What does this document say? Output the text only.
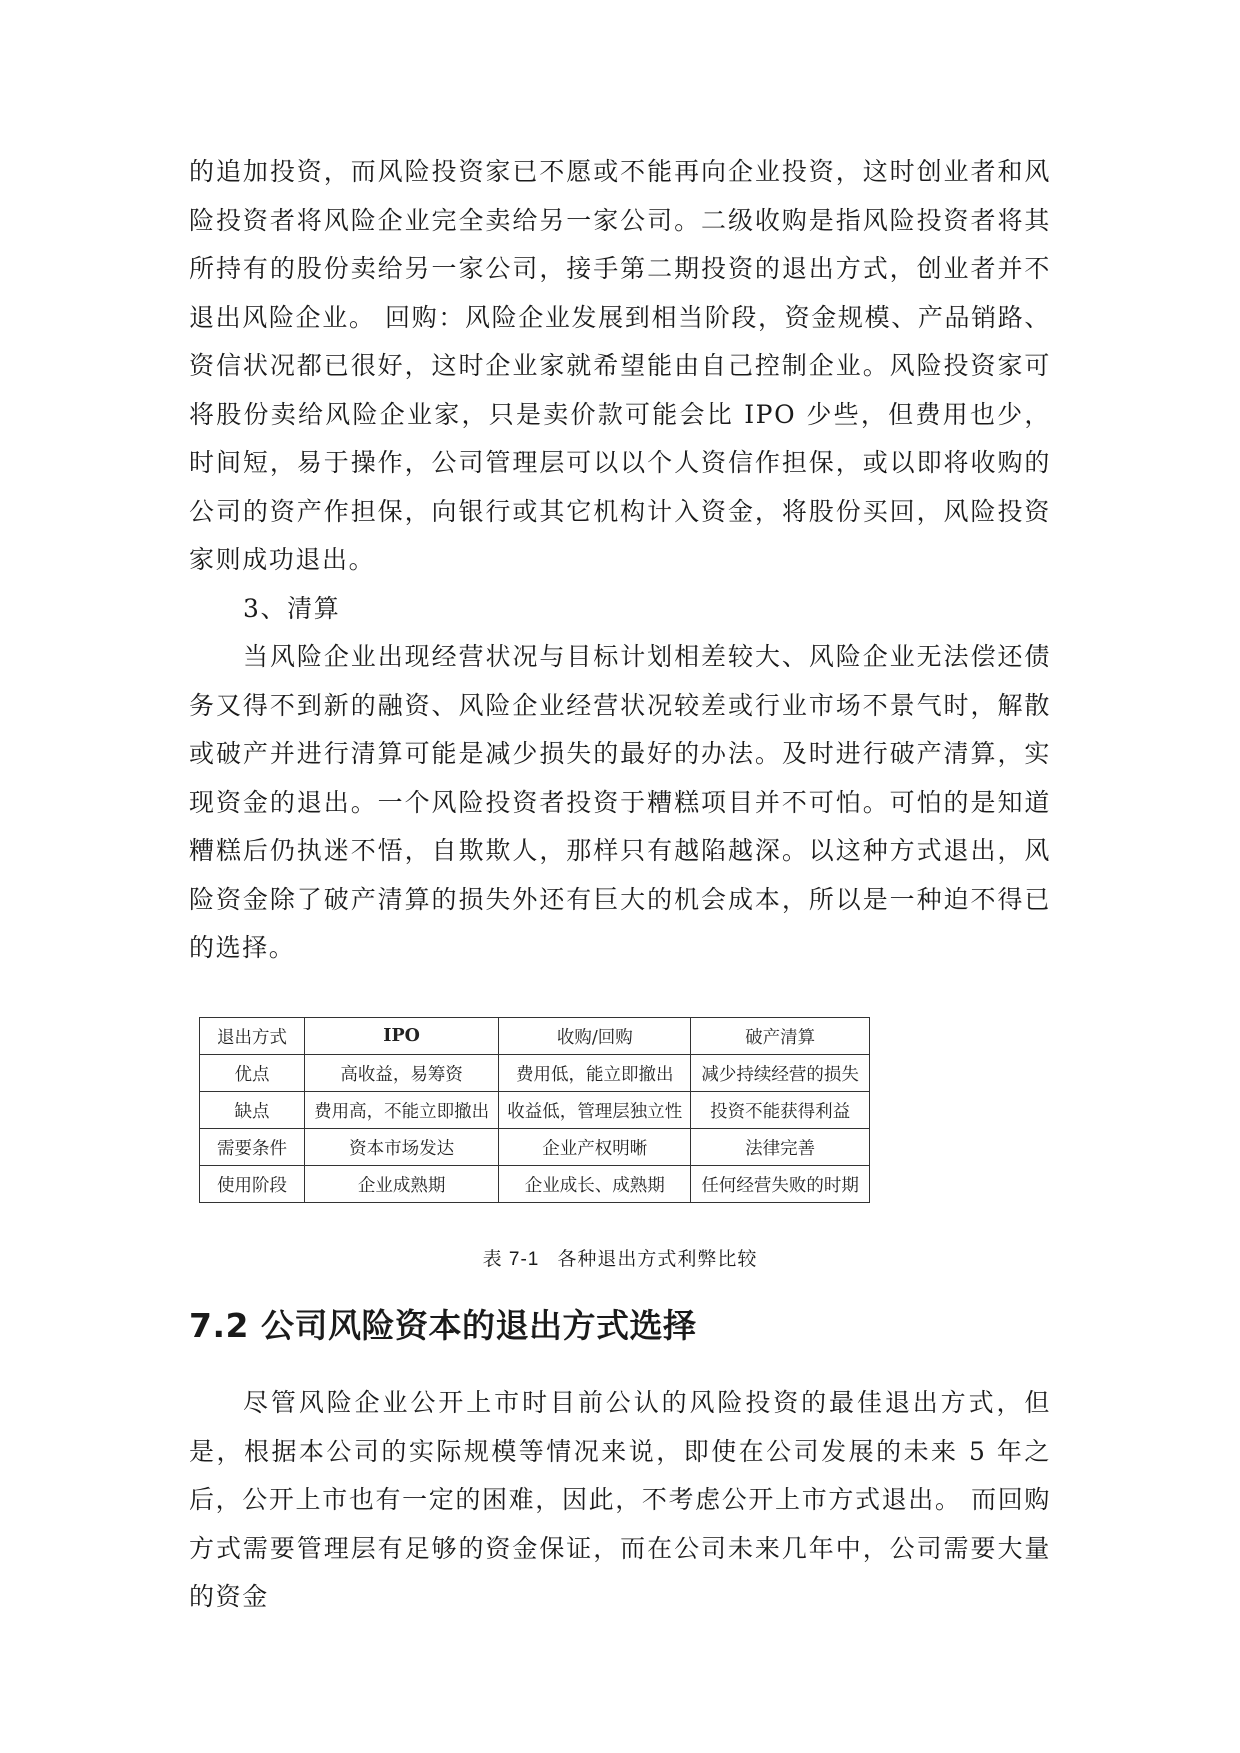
的追加投资，而风险投资家已不愿或不能再向企业投资，这时创业者和风险投资者将风险企业完全卖给另一家公司。二级收购是指风险投资者将其所持有的股份卖给另一家公司，接手第二期投资的退出方式，创业者并不退出风险企业。 回购：风险企业发展到相当阶段，资金规模、产品销路、资信状况都已很好，这时企业家就希望能由自己控制企业。风险投资家可将股份卖给风险企业家，只是卖价款可能会比 IPO 少些，但费用也少，时间短，易于操作，公司管理层可以以个人资信作担保，或以即将收购的公司的资产作担保，向银行或其它机构计入资金，将股份买回，风险投资家则成功退出。

3、清算

当风险企业出现经营状况与目标计划相差较大、风险企业无法偿还债务又得不到新的融资、风险企业经营状况较差或行业市场不景气时，解散或破产并进行清算可能是减少损失的最好的办法。及时进行破产清算，实现资金的退出。一个风险投资者投资于糟糕项目并不可怕。可怕的是知道糟糕后仍执迷不悟，自欺欺人，那样只有越陷越深。以这种方式退出，风险资金除了破产清算的损失外还有巨大的机会成本，所以是一种迫不得已的选择。

退出方式	IPO	收购/回购	破产清算
优点	高收益，易筹资	费用低，能立即撤出	减少持续经营的损失
缺点	费用高，不能立即撤出	收益低，管理层独立性	投资不能获得利益
需要条件	资本市场发达	企业产权明晰	法律完善
使用阶段	企业成熟期	企业成长、成熟期	任何经营失败的时期
表 7-1 各种退出方式利弊比较
7.2 公司风险资本的退出方式选择

尽管风险企业公开上市时目前公认的风险投资的最佳退出方式，但是，根据本公司的实际规模等情况来说，即使在公司发展的未来 5 年之后，公开上市也有一定的困难，因此，不考虑公开上市方式退出。 而回购方式需要管理层有足够的资金保证，而在公司未来几年中，公司需要大量的资金
